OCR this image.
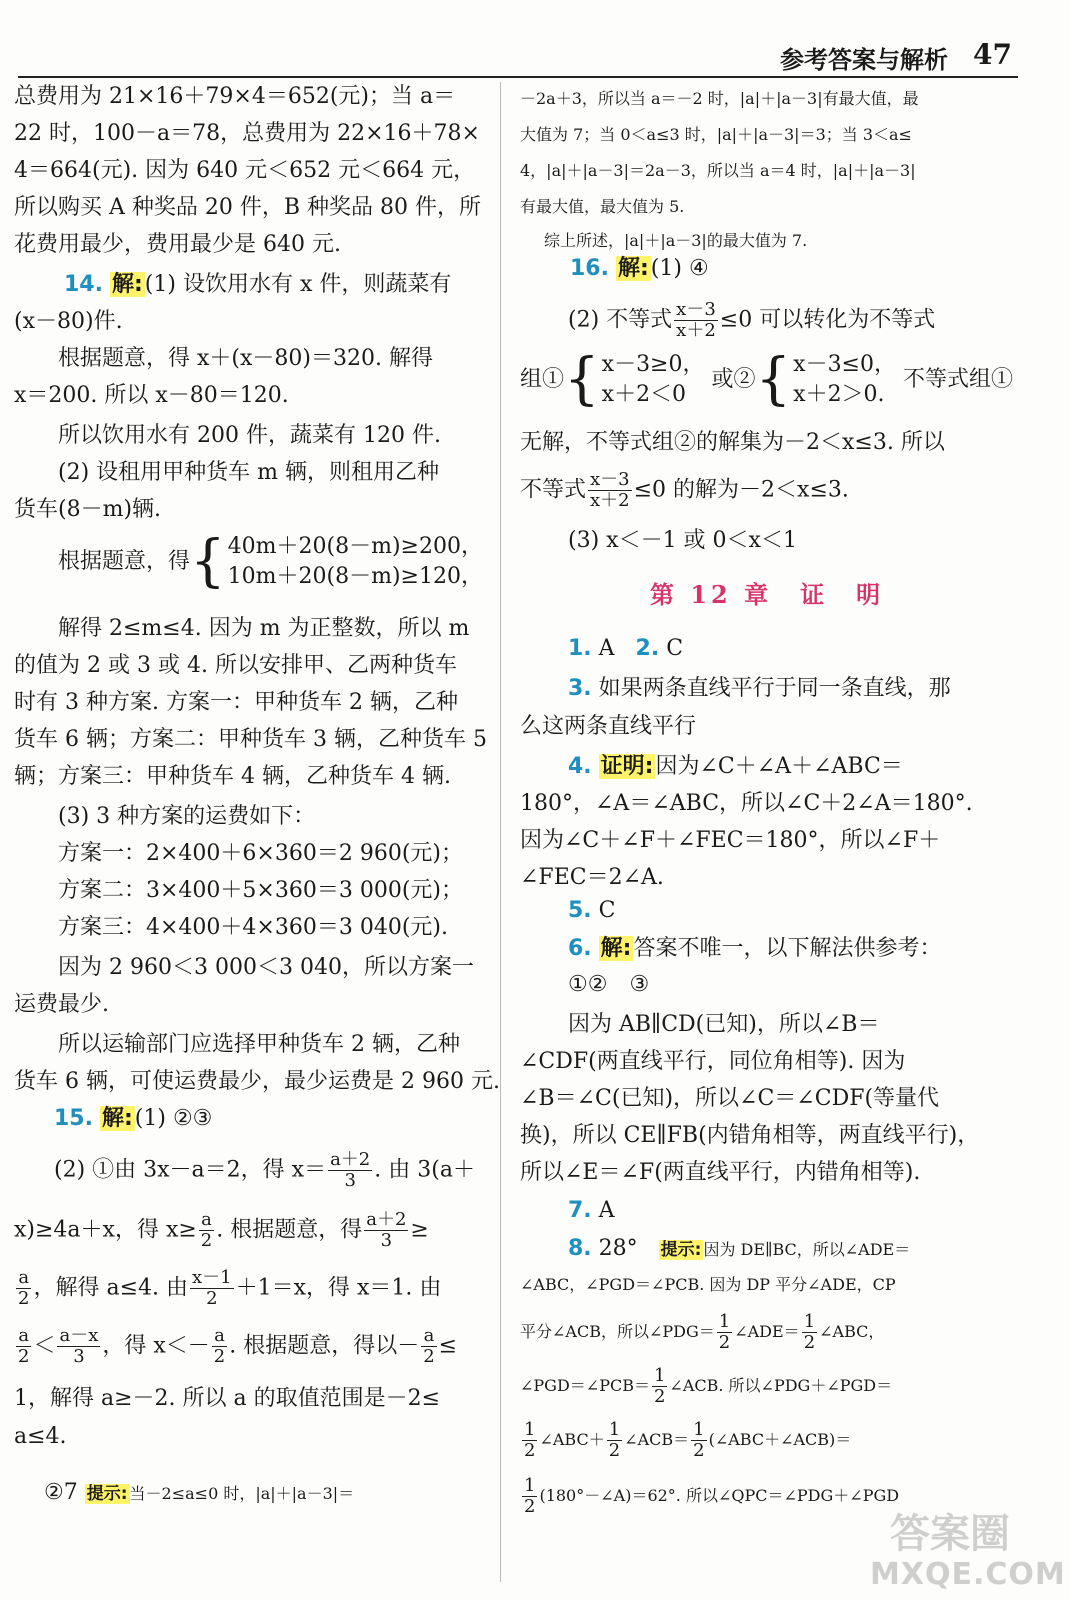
参考答案与解析 47
总费用为 21×16＋79×4＝652(元)；当 a＝
22 时，100－a＝78，总费用为 22×16＋78×
4＝664(元). 因为 640 元＜652 元＜664 元，
所以购买 A 种奖品 20 件，B 种奖品 80 件，所
花费用最少，费用最少是 640 元.
14. 解:(1) 设饮用水有 x 件，则蔬菜有
(x－80)件.
根据题意，得 x＋(x－80)＝320. 解得
x＝200. 所以 x－80＝120.
所以饮用水有 200 件，蔬菜有 120 件.
(2) 设租用甲种货车 m 辆，则租用乙种
货车(8－m)辆.
根据题意，得{ 40m＋20(8－m)≥200，
10m＋20(8－m)≥120，
解得 2≤m≤4. 因为 m 为正整数，所以 m
的值为 2 或 3 或 4. 所以安排甲、乙两种货车
时有 3 种方案. 方案一：甲种货车 2 辆，乙种
货车 6 辆；方案二：甲种货车 3 辆，乙种货车 5
辆；方案三：甲种货车 4 辆，乙种货车 4 辆.
(3) 3 种方案的运费如下：
方案一：2×400＋6×360＝2 960(元)；
方案二：3×400＋5×360＝3 000(元)；
方案三：4×400＋4×360＝3 040(元).
因为 2 960＜3 000＜3 040，所以方案一
运费最少.
所以运输部门应选择甲种货车 2 辆，乙种
货车 6 辆，可使运费最少，最少运费是 2 960 元.
15. 解:(1) ②③
(2) ①由 3x－a＝2，得 $x= \frac{a+2}{3}$ . 由 3(a＋
x)≥4a＋x，得 $x\ge \frac{a}{2}$ . 根据题意，得 $\frac{a+2}{3}$ ≥
$\frac{a}{2}$ ，解得 a≤4. 由 $\frac{x-1}{2} +1=x$，得 x＝1. 由
$\frac{a}{2} < \frac{a-x}{3}$ ，得 $x<- \frac{a}{2}$ . 根据题意，得以－ $\frac{a}{2}$ ≤
1，解得 a≥－2. 所以 a 的取值范围是－2≤
a≤4.
②7 提示: 当－2≤a≤0 时，|a|＋|a－3|＝
－2a＋3，所以当 a＝－2 时，|a|＋|a－3|有最大值，最
大值为 7；当 0＜a≤3 时，|a|＋|a－3|＝3；当 3＜a≤
4，|a|＋|a－3|＝2a－3，所以当 a＝4 时，|a|＋|a－3|
有最大值，最大值为 5.
综上所述，|a|＋|a－3|的最大值为 7.
16. 解:(1) ④
(2) 不等式 $\frac{x-3}{x+2} \le 0$ 可以转化为不等式
组①{ x－3≥0，
x＋2＜0
或②{ x－3≤0，
x＋2＞0.
不等式组①
无解，不等式组②的解集为－2＜x≤3. 所以
不等式 $\frac{x-3}{x+2} \le 0$ 的解为－2＜x≤3.
(3) x＜－1 或 0＜x＜1
第 12 章　证　明
1. A 2. C
3. 如果两条直线平行于同一条直线，那
么这两条直线平行
4. 证明:因为∠C＋∠A＋∠ABC＝
180°，∠A＝∠ABC，所以∠C＋2∠A＝180°.
因为∠C＋∠F＋∠FEC＝180°，所以∠F＋
∠FEC＝2∠A.
5. C
6. 解:答案不唯一，以下解法供参考：
①②　③
因为 AB∥CD(已知)，所以∠B＝
∠CDF(两直线平行，同位角相等). 因为
∠B＝∠C(已知)，所以∠C＝∠CDF(等量代
换)，所以 CE∥FB(内错角相等，两直线平行)，
所以∠E＝∠F(两直线平行，内错角相等).
7. A
8. 28° 提示: 因为 DE∥BC，所以∠ADE＝
∠ABC，∠PGD＝∠PCB. 因为 DP 平分∠ADE，CP
平分∠ACB，所以∠PDG＝ $\frac{1}{2}$ ∠ADE＝ $\frac{1}{2}$ ∠ABC，
∠PGD＝∠PCB＝ $\frac{1}{2}$ ∠ACB. 所以∠PDG＋∠PGD＝
$\frac{1}{2}$ ∠ABC＋ $\frac{1}{2}$ ∠ACB＝ $\frac{1}{2}$ (∠ABC＋∠ACB)＝
$\frac{1}{2}$ (180°－∠A)＝62°. 所以∠QPC＝∠PDG＋∠PGD
答案圈
MXQE.COM
